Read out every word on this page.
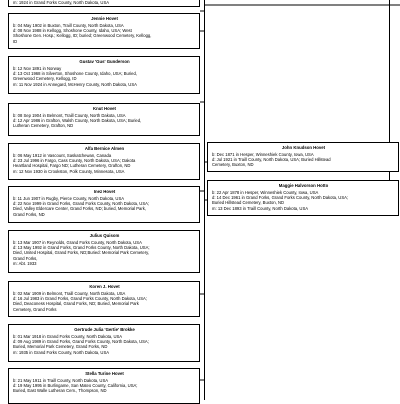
m: 1924 in Grand Forks County, North Dakota, USA
Jennie Hovet
b: 04 May 1902 in Buxton, Traill County, North Dakota, USA
d: 08 Nov 1988 in Kellogg, Shoshone County, Idaho, USA; West
Shoshone Gen. Hosp.; Kellogg, ID; buried; Greenwood Cemetery, Kellogg,
ID
Gustav 'Gus' Gunderson
b: 12 Nov 1891 in Norway
d: 13 Oct 1968 in Silverton, Shoshone County, Idaho, USA; Buried,
Greenwood Cemetery, Kellogg, ID
m: 11 Nov 1924 in Annegard, McHenry County, North Dakota, USA
Knut Hovet
b: 08 Sep 1904 in Belmont, Traill County, North Dakota, USA
d: 12 Apr 1986 in Grafton, Walsh County, North Dakota, USA; Buried,
Lutheran Cemetery, Grafton, ND
Alfa Bernice Almen
b: 06 May 1912 in Vascount, Saskatchewan, Canada
d: 23 Jul 1996 in Fargo, Cass County, North Dakota, USA; Dakota
Heartland Hospital, Fargo ND; Lutheran Cemetery, Grafton, ND
m: 12 Nov 1930 in Crookston, Polk County, Minnesota, USA
Inez Hovet
b: 11 Jun 1907 in Rugby, Pierce County, North Dakota, USA
d: 22 Nov 1999 in Grand Forks, Grand Forks County, North Dakota, USA;
Died, Valley Eldercare Center, Grand Forks, ND; buried, Memorial Park,
Grand Forks, ND
Julius Quisom
b: 13 Mar 1907 in Reynolds, Grand Forks County, North Dakota, USA
d: 13 May 1992 in Grand Forks, Grand Forks County, North Dakota, USA;
Died, United Hospital, Grand Forks, ND;Buried: Memorial Park Cemetery,
Grand Forks,
m: Abt. 1933
Koren J. Hovet
b: 02 Mar 1909 in Belmont, Traill County, North Dakota, USA
d: 16 Jul 1983 in Grand Forks, Grand Forks County, North Dakota, USA;
Died, Deaconess Hospital, Grand Forks, ND; Buried, Memorial Park
Cemetery, Grand Forks
Gertrude Julia 'Gertie' Brokke
b: 01 Mar 1918 in Grand Forks County, North Dakota, USA
d: 09 Aug 1989 in Grand Forks, Grand Forks County, North Dakota, USA;
Buried, Memorial Park Cemetery, Grand Forks, ND
m: 1935 in Grand Forks County, North Dakota, USA
Stella Turine Hovet
b: 21 May 1911 in Traill County, North Dakota, USA
d: 19 May 1995 in Burlingame, San Mateo County, California, USA;
Buried, East Walle Lutheran Cem., Thompson, ND
John Knudson Hovet
b: Dec 1871 in Hesper, Winneshiek County, Iowa, USA
d: Jul 1921 in Traill County, North Dakota, USA; Buried Hillstead
Cemetery, Buxton, ND
Maggie Halvorson Hotto
b: 22 Apr 1878 in Hesper, Winneshiek County, Iowa, USA
d: 14 Dec 1961 in Grand Forks, Grand Forks County, North Dakota, USA;
Buried Hillstead Cemetery, Buxton, ND
m: 13 Dec 1893 in Traill County, North Dakota, USA
